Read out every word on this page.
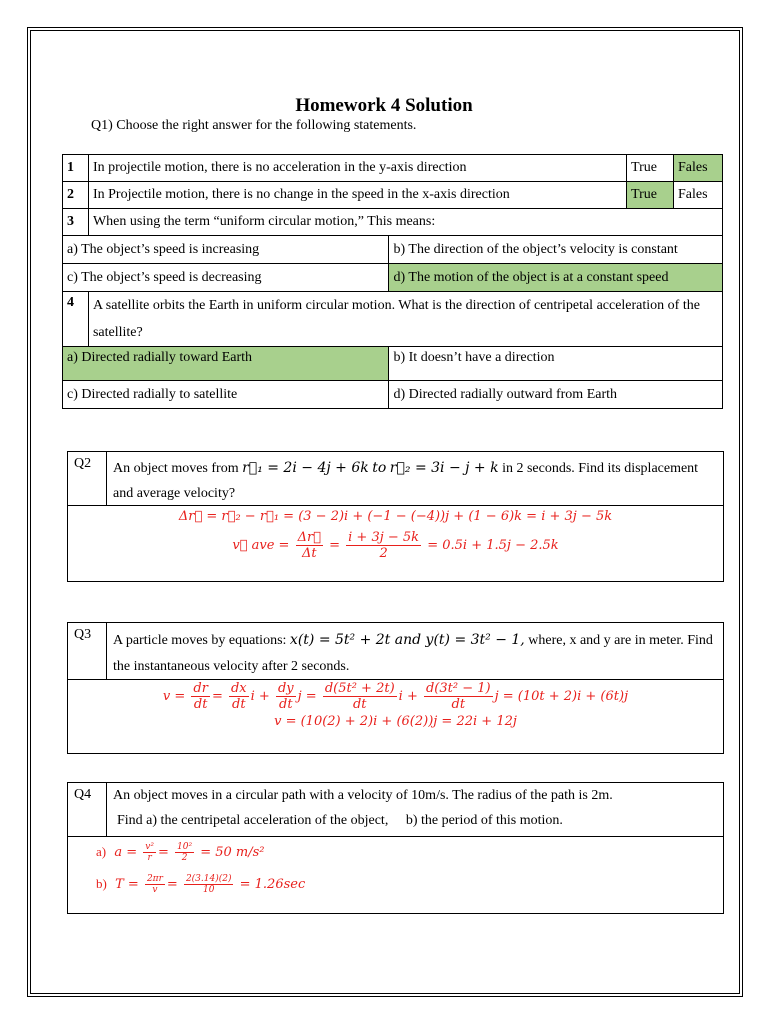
Homework 4 Solution
Q1) Choose the right answer for the following statements.
1	In projectile motion, there is no acceleration in the y-axis direction		True	Fales
2	In Projectile motion, there is no change in the speed in the x-axis direction		True	Fales
3	When using the term “uniform circular motion,” This means:			
a) The object’s speed is increasing		b) The direction of the object’s velocity is constant		
c) The object’s speed is decreasing		d) The motion of the object is at a constant speed		
4	A satellite orbits the Earth in uniform circular motion. What is the direction of centripetal acceleration of the satellite?			
a) Directed radially toward Earth		b) It doesn’t have a direction		
c) Directed radially to satellite		d) Directed radially outward from Earth		
Q2	An object moves from r⃗₁ = 2i − 4j + 6k to r⃗₂ = 3i − j + k in 2 seconds. Find its displacement and average velocity?
Δr⃗ = r⃗₂ − r⃗₁ = (3 − 2)i + (−1 − (−4))j + (1 − 6)k = i + 3j − 5k
v⃗ ave = $\frac{\Delta r⃗}{\Delta t} = \frac{i + 3j - 5k}{2} = 0.5i + 1.5j - 2.5k$
Q3	A particle moves by equations: x(t) = 5t² + 2t and y(t) = 3t² − 1, where, x and y are in meter. Find the instantaneous velocity after 2 seconds.
$v = \frac{dr}{dt} = \frac{dx}{dt}$ $i + \frac{dy}{dt}$ $j = \frac{\text{d(5t² + 2t)}}{dt}$ $i + \frac{\text{d(3t² − 1)}}{dt}$ j = (10t + 2)i + (6t)j
v = (10(2) + 2)i + (6(2))j = 22i + 12j
Q4	An object moves in a circular path with a velocity of 10m/s. The radius of the path is 2m.
Find a) the centripetal acceleration of the object,     b) the period of this motion.
a) $a = \frac{\text{v²}}{r} = \frac{\text{10²}}{2} = 50$ m/s²
b) $T = \frac{2\pi r}{v} = \frac{2(3.14)(2)}{10} = 1.26\sec$
